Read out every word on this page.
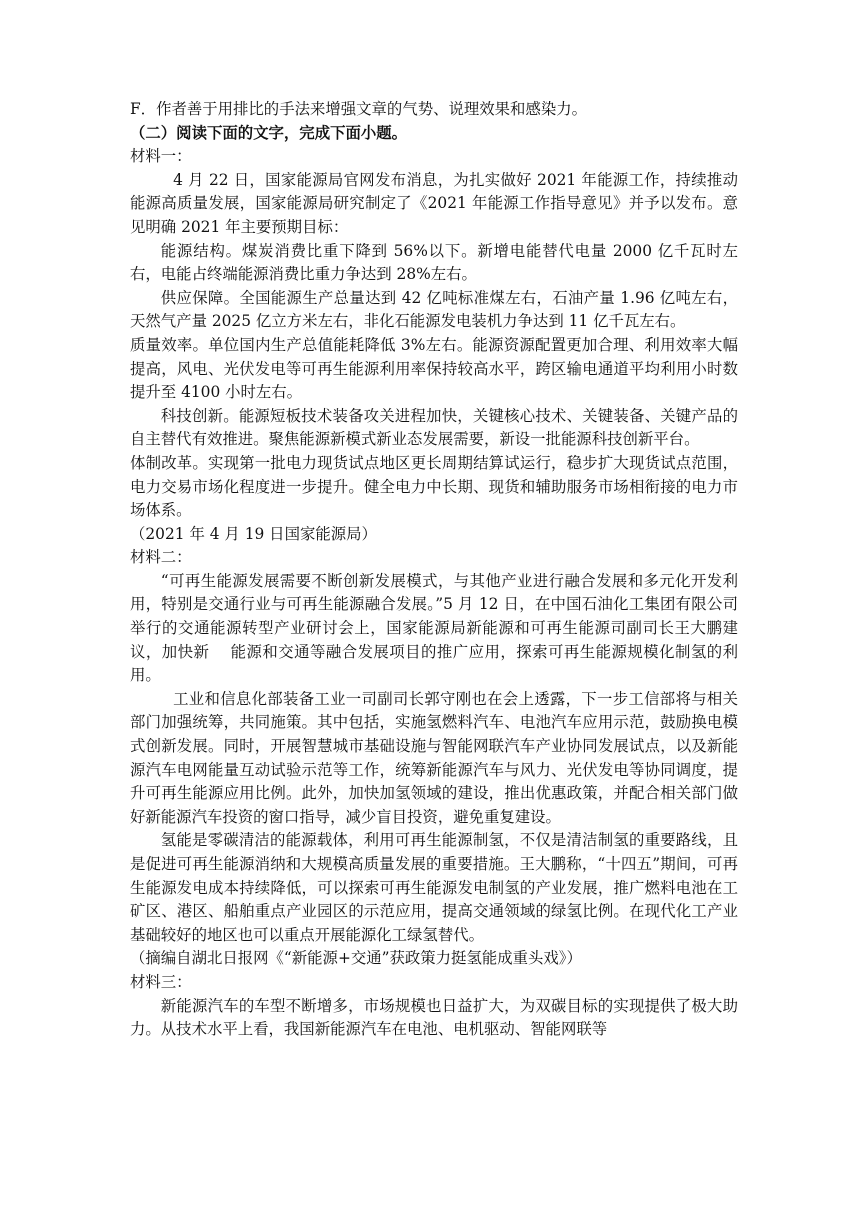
F．作者善于用排比的手法来增强文章的气势、说理效果和感染力。

（二）阅读下面的文字，完成下面小题。

材料一：

4 月 22 日，国家能源局官网发布消息，为扎实做好 2021 年能源工作，持续推动能源高质量发展，国家能源局研究制定了《2021 年能源工作指导意见》并予以发布。意见明确 2021 年主要预期目标：

能源结构。煤炭消费比重下降到 56%以下。新增电能替代电量 2000 亿千瓦时左右，电能占终端能源消费比重力争达到 28%左右。

供应保障。全国能源生产总量达到 42 亿吨标准煤左右，石油产量 1.96 亿吨左右，天然气产量 2025 亿立方米左右，非化石能源发电装机力争达到 11 亿千瓦左右。

质量效率。单位国内生产总值能耗降低 3%左右。能源资源配置更加合理、利用效率大幅提高，风电、光伏发电等可再生能源利用率保持较高水平，跨区输电通道平均利用小时数提升至 4100 小时左右。

科技创新。能源短板技术装备攻关进程加快，关键核心技术、关键装备、关键产品的自主替代有效推进。聚焦能源新模式新业态发展需要，新设一批能源科技创新平台。

体制改革。实现第一批电力现货试点地区更长周期结算试运行，稳步扩大现货试点范围，电力交易市场化程度进一步提升。健全电力中长期、现货和辅助服务市场相衔接的电力市场体系。

（2021 年 4 月 19 日国家能源局）

材料二：

“可再生能源发展需要不断创新发展模式，与其他产业进行融合发展和多元化开发利用，特别是交通行业与可再生能源融合发展。”5 月 12 日，在中国石油化工集团有限公司举行的交通能源转型产业研讨会上，国家能源局新能源和可再生能源司副司长王大鹏建议，加快新　 能源和交通等融合发展项目的推广应用，探索可再生能源规模化制氢的利用。

工业和信息化部装备工业一司副司长郭守刚也在会上透露，下一步工信部将与相关部门加强统筹，共同施策。其中包括，实施氢燃料汽车、电池汽车应用示范，鼓励换电模式创新发展。同时，开展智慧城市基础设施与智能网联汽车产业协同发展试点，以及新能源汽车电网能量互动试验示范等工作，统筹新能源汽车与风力、光伏发电等协同调度，提升可再生能源应用比例。此外，加快加氢领域的建设，推出优惠政策，并配合相关部门做好新能源汽车投资的窗口指导，减少盲目投资，避免重复建设。

氢能是零碳清洁的能源载体，利用可再生能源制氢，不仅是清洁制氢的重要路线，且是促进可再生能源消纳和大规模高质量发展的重要措施。王大鹏称，“十四五”期间，可再生能源发电成本持续降低，可以探索可再生能源发电制氢的产业发展，推广燃料电池在工矿区、港区、船舶重点产业园区的示范应用，提高交通领域的绿氢比例。在现代化工产业基础较好的地区也可以重点开展能源化工绿氢替代。

（摘编自湖北日报网《“新能源+交通”获政策力挺氢能成重头戏》）

材料三：

新能源汽车的车型不断增多，市场规模也日益扩大，为双碳目标的实现提供了极大助力。从技术水平上看，我国新能源汽车在电池、电机驱动、智能网联等
